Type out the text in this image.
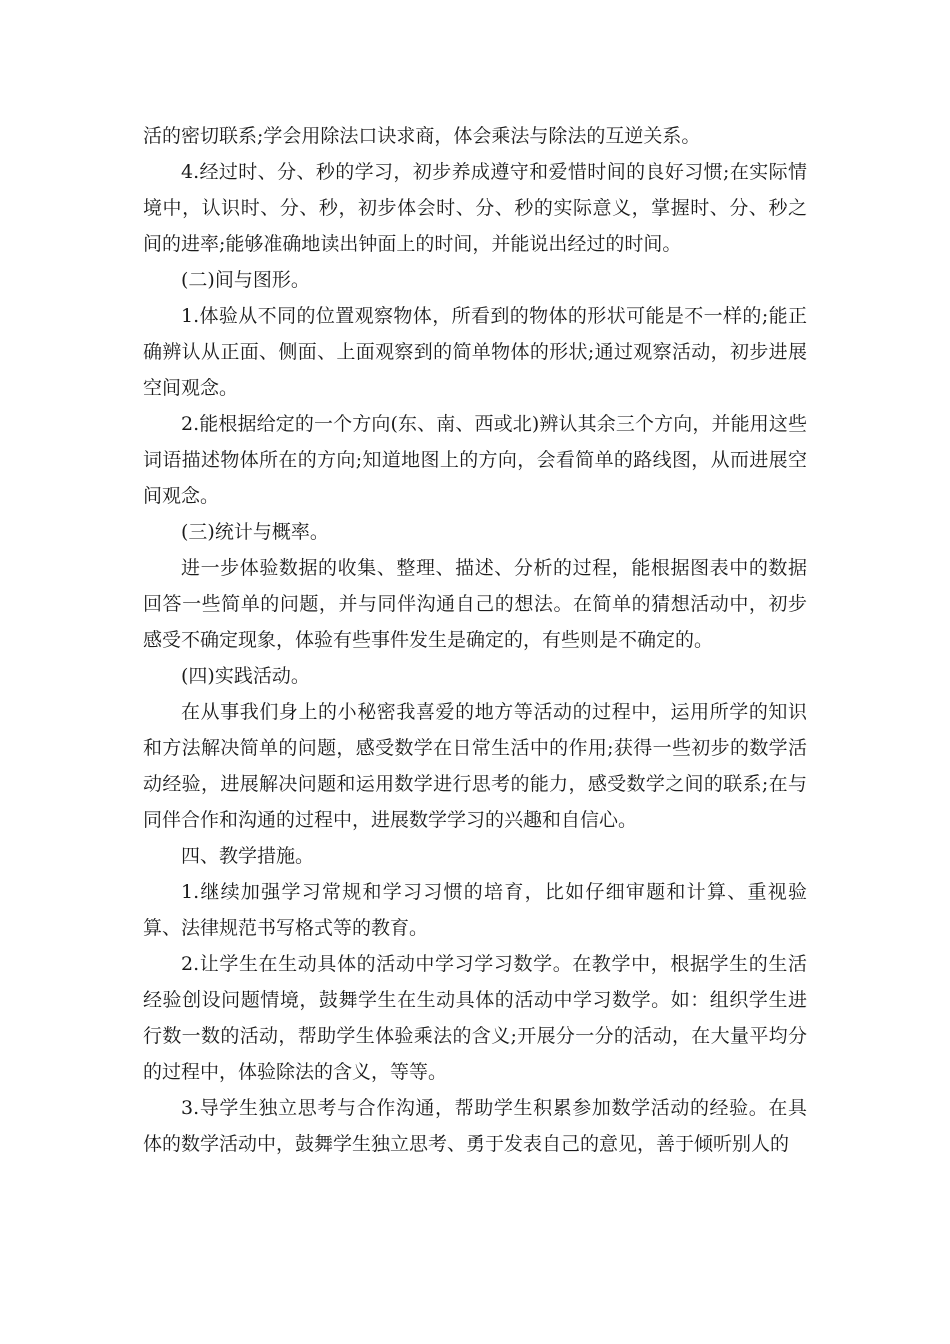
活的密切联系;学会用除法口诀求商，体会乘法与除法的互逆关系。

4.经过时、分、秒的学习，初步养成遵守和爱惜时间的良好习惯;在实际情境中，认识时、分、秒，初步体会时、分、秒的实际意义，掌握时、分、秒之间的进率;能够准确地读出钟面上的时间，并能说出经过的时间。

(二)间与图形。

1.体验从不同的位置观察物体，所看到的物体的形状可能是不一样的;能正确辨认从正面、侧面、上面观察到的简单物体的形状;通过观察活动，初步进展空间观念。

2.能根据给定的一个方向(东、南、西或北)辨认其余三个方向，并能用这些词语描述物体所在的方向;知道地图上的方向，会看简单的路线图，从而进展空间观念。

(三)统计与概率。

进一步体验数据的收集、整理、描述、分析的过程，能根据图表中的数据回答一些简单的问题，并与同伴沟通自己的想法。在简单的猜想活动中，初步感受不确定现象，体验有些事件发生是确定的，有些则是不确定的。

(四)实践活动。

在从事我们身上的小秘密我喜爱的地方等活动的过程中，运用所学的知识和方法解决简单的问题，感受数学在日常生活中的作用;获得一些初步的数学活动经验，进展解决问题和运用数学进行思考的能力，感受数学之间的联系;在与同伴合作和沟通的过程中，进展数学学习的兴趣和自信心。

四、教学措施。

1.继续加强学习常规和学习习惯的培育，比如仔细审题和计算、重视验算、法律规范书写格式等的教育。

2.让学生在生动具体的活动中学习学习数学。在教学中，根据学生的生活经验创设问题情境，鼓舞学生在生动具体的活动中学习数学。如：组织学生进行数一数的活动，帮助学生体验乘法的含义;开展分一分的活动，在大量平均分的过程中，体验除法的含义，等等。

3.导学生独立思考与合作沟通，帮助学生积累参加数学活动的经验。在具体的数学活动中，鼓舞学生独立思考、勇于发表自己的意见，善于倾听别人的
